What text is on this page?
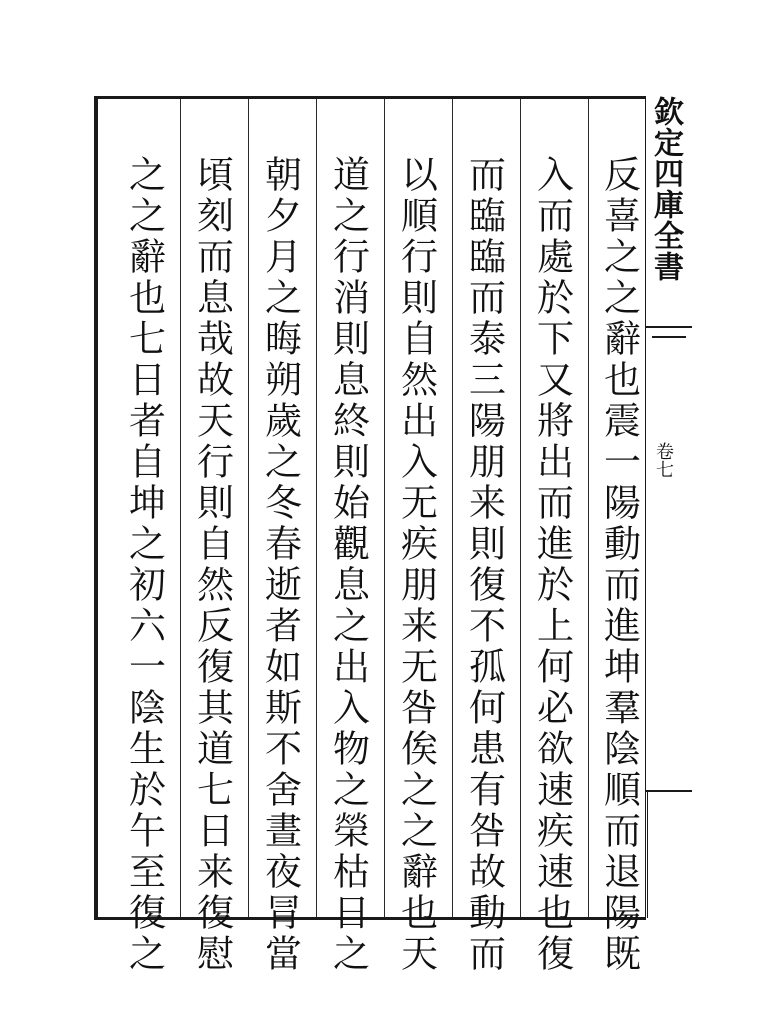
反喜之之辭也震一陽動而進坤羣陰順而退陽既
入而處於下又將出而進於上何必欲速疾速也復
而臨臨而泰三陽朋来則復不孤何患有咎故動而
以順行則自然出入无疾朋来无咎俟之之辭也天
道之行消則息終則始觀息之出入物之榮枯日之
朝夕月之晦朔歲之冬春逝者如斯不舍晝夜冐當
頃刻而息哉故天行則自然反復其道七日来復慰
之之辭也七日者自坤之初六一陰生於午至復之	欽定四庫全書
卷七
